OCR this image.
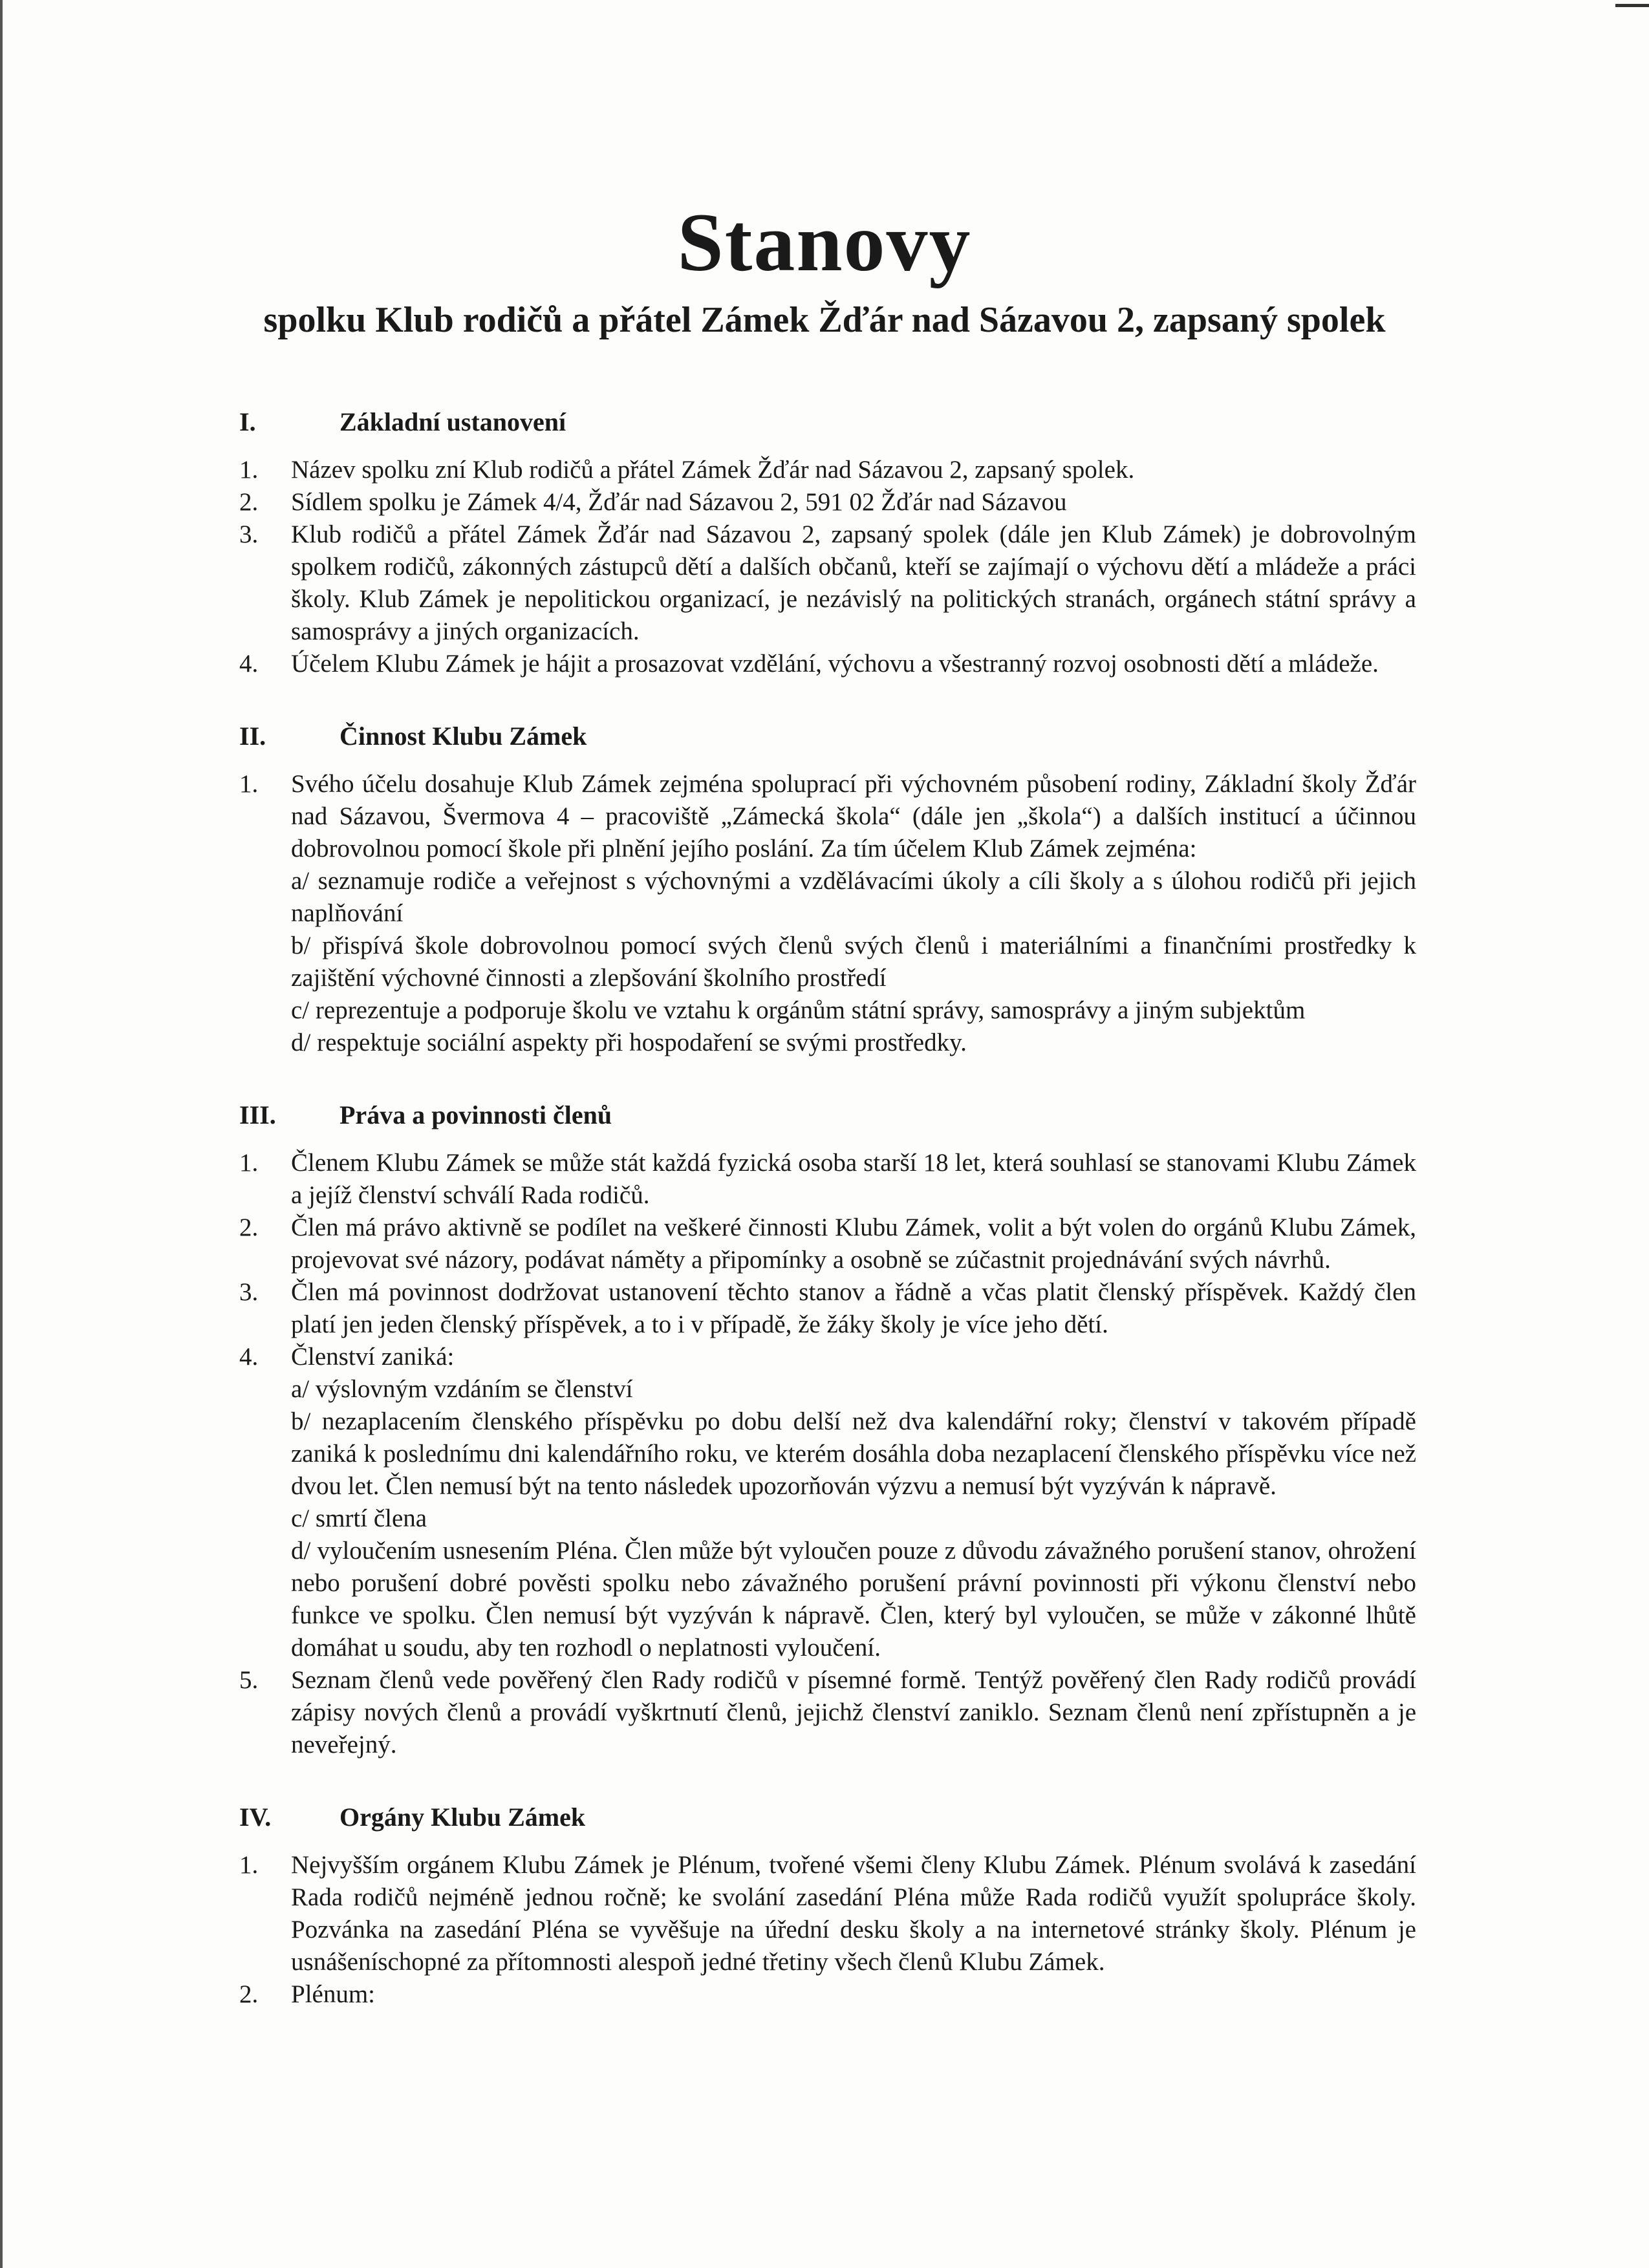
Stanovy
spolku Klub rodičů a přátel Zámek Žďár nad Sázavou 2, zapsaný spolek
I.	Základní ustanovení
1.	Název spolku zní Klub rodičů a přátel Zámek Žďár nad Sázavou 2, zapsaný spolek.
2.	Sídlem spolku je Zámek 4/4, Žďár nad Sázavou 2, 591 02 Žďár nad Sázavou
3.	Klub rodičů a přátel Zámek Žďár nad Sázavou 2, zapsaný spolek (dále jen Klub Zámek) je dobrovolným spolkem rodičů, zákonných zástupců dětí a dalších občanů, kteří se zajímají o výchovu dětí a mládeže a práci školy. Klub Zámek je nepolitickou organizací, je nezávislý na politických stranách, orgánech státní správy a samosprávy a jiných organizacích.
4.	Účelem Klubu Zámek je hájit a prosazovat vzdělání, výchovu a všestranný rozvoj osobnosti dětí a mládeže.
II.	Činnost Klubu Zámek
1.	Svého účelu dosahuje Klub Zámek zejména spoluprací při výchovném působení rodiny, Základní školy Žďár nad Sázavou, Švermova 4 – pracoviště „Zámecká škola“ (dále jen „škola“) a dalších institucí a účinnou dobrovolnou pomocí škole při plnění jejího poslání. Za tím účelem Klub Zámek zejména:
a/ seznamuje rodiče a veřejnost s výchovnými a vzdělávacími úkoly a cíli školy a s úlohou rodičů při jejich naplňování
b/ přispívá škole dobrovolnou pomocí svých členů svých členů i materiálními a finančními prostředky k zajištění výchovné činnosti a zlepšování školního prostředí
c/ reprezentuje a podporuje školu ve vztahu k orgánům státní správy, samosprávy a jiným subjektům
d/ respektuje sociální aspekty při hospodaření se svými prostředky.
III.	Práva a povinnosti členů
1.	Členem Klubu Zámek se může stát každá fyzická osoba starší 18 let, která souhlasí se stanovami Klubu Zámek a jejíž členství schválí Rada rodičů.
2.	Člen má právo aktivně se podílet na veškeré činnosti Klubu Zámek, volit a být volen do orgánů Klubu Zámek, projevovat své názory, podávat náměty a připomínky a osobně se zúčastnit projednávání svých návrhů.
3.	Člen má povinnost dodržovat ustanovení těchto stanov a řádně a včas platit členský příspěvek. Každý člen platí jen jeden členský příspěvek, a to i v případě, že žáky školy je více jeho dětí.
4.	Členství zaniká:
a/ výslovným vzdáním se členství
b/ nezaplacením členského příspěvku po dobu delší než dva kalendářní roky; členství v takovém případě zaniká k poslednímu dni kalendářního roku, ve kterém dosáhla doba nezaplacení členského příspěvku více než dvou let. Člen nemusí být na tento následek upozorňován výzvu a nemusí být vyzýván k nápravě.
c/ smrtí člena
d/ vyloučením usnesením Pléna. Člen může být vyloučen pouze z důvodu závažného porušení stanov, ohrožení nebo porušení dobré pověsti spolku nebo závažného porušení právní povinnosti při výkonu členství nebo funkce ve spolku. Člen nemusí být vyzýván k nápravě. Člen, který byl vyloučen, se může v zákonné lhůtě domáhat u soudu, aby ten rozhodl o neplatnosti vyloučení.
5.	Seznam členů vede pověřený člen Rady rodičů v písemné formě. Tentýž pověřený člen Rady rodičů provádí zápisy nových členů a provádí vyškrtnutí členů, jejichž členství zaniklo. Seznam členů není zpřístupněn a je neveřejný.
IV.	Orgány Klubu Zámek
1.	Nejvyšším orgánem Klubu Zámek je Plénum, tvořené všemi členy Klubu Zámek. Plénum svolává k zasedání Rada rodičů nejméně jednou ročně; ke svolání zasedání Pléna může Rada rodičů využít spolupráce školy. Pozvánka na zasedání Pléna se vyvěšuje na úřední desku školy a na internetové stránky školy. Plénum je usnášeníschopné za přítomnosti alespoň jedné třetiny všech členů Klubu Zámek.
2.	Plénum:
